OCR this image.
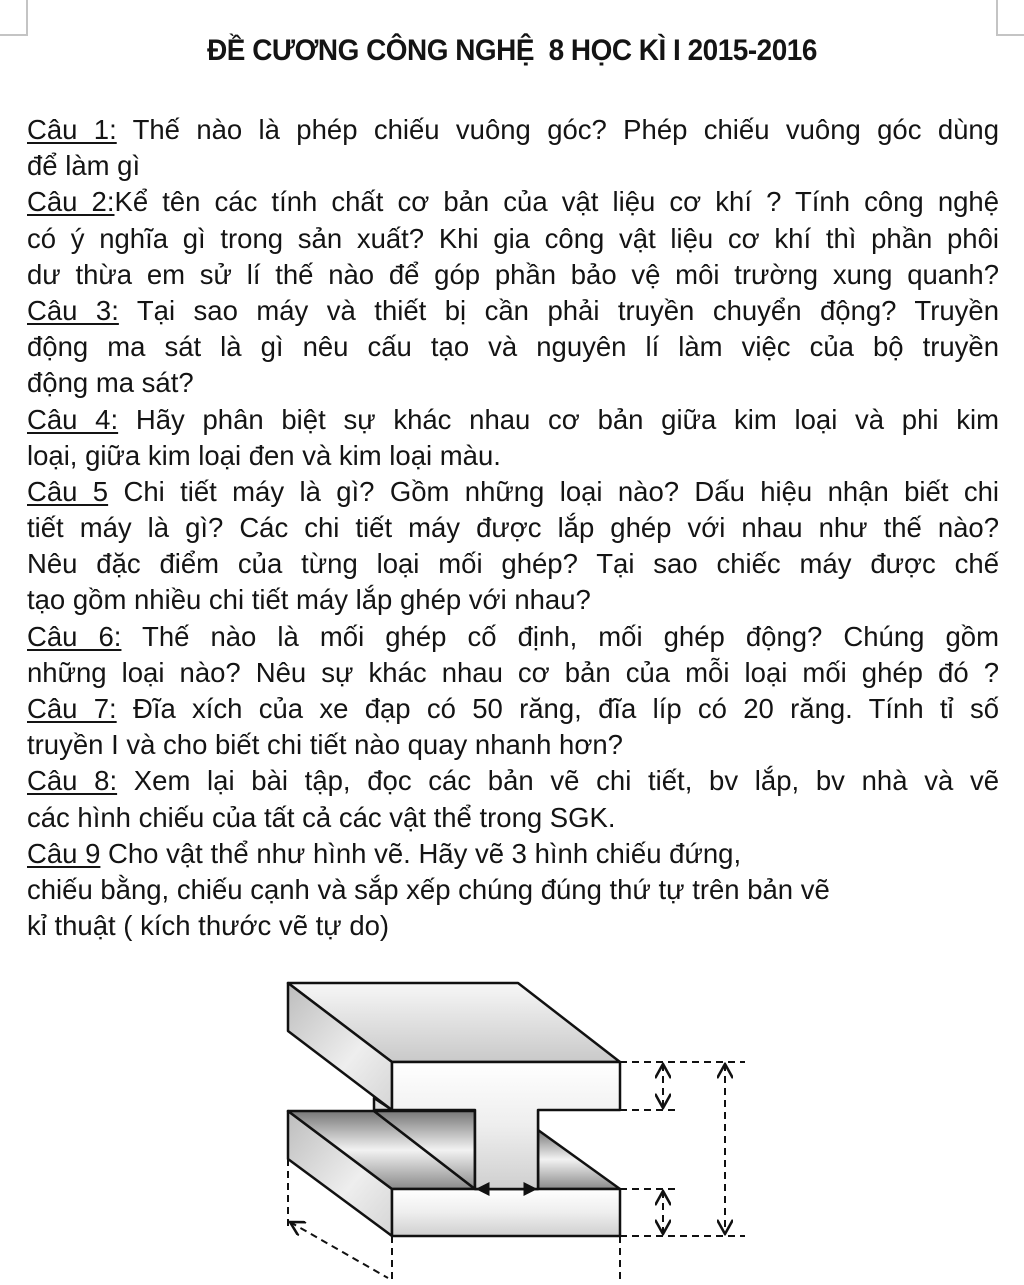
ĐỀ CƯƠNG CÔNG NGHỆ  8 HỌC KÌ I 2015-2016
Câu 1: Thế nào là phép chiếu vuông góc? Phép chiếu vuông góc dùng
để làm gì
Câu 2:Kể tên các tính chất cơ bản của vật liệu cơ khí ? Tính công nghệ
có ý nghĩa gì trong sản xuất? Khi gia công vật liệu cơ khí thì phần phôi
dư thừa em sử lí thế nào để góp phần bảo vệ môi trường xung quanh?
Câu 3: Tại sao máy và thiết bị cần phải truyền chuyển động? Truyền
động ma sát là gì nêu cấu tạo và nguyên lí làm việc của bộ truyền
động ma sát?
Câu 4: Hãy phân biệt sự khác nhau cơ bản giữa kim loại và phi kim
loại, giữa kim loại đen và kim loại màu.
Câu 5 Chi tiết máy là gì? Gồm những loại nào? Dấu hiệu nhận biết chi
tiết máy là gì? Các chi tiết máy được lắp ghép với nhau như thế nào?
Nêu đặc điểm của từng loại mối ghép? Tại sao chiếc máy được chế
tạo gồm nhiều chi tiết máy lắp ghép với nhau?
Câu 6: Thế nào là mối ghép cố định, mối ghép động? Chúng gồm
những loại nào? Nêu sự khác nhau cơ bản của mỗi loại mối ghép đó ?
Câu 7: Đĩa xích của xe đạp có 50 răng, đĩa líp có 20 răng. Tính tỉ số
truyền I và cho biết chi tiết nào quay nhanh hơn?
Câu 8: Xem lại bài tập, đọc các bản vẽ chi tiết, bv lắp, bv nhà và vẽ
các hình chiếu của tất cả các vật thể trong SGK.
Câu 9 Cho vật thể như hình vẽ. Hãy vẽ 3 hình chiếu đứng,
chiếu bằng, chiếu cạnh và sắp xếp chúng đúng thứ tự trên bản vẽ
kỉ thuật ( kích thước vẽ tự do)
